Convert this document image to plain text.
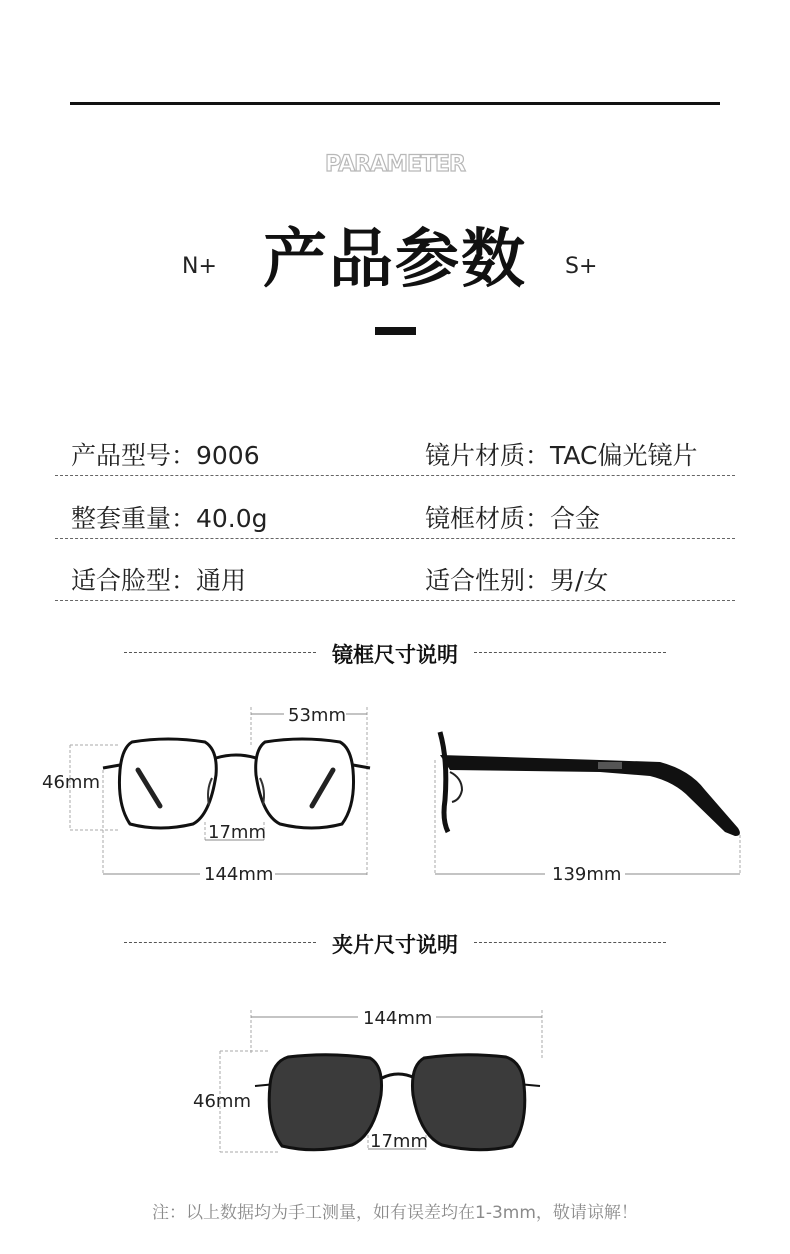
PARAMETER
产品参数
N+	S+
产品型号：9006	镜片材质：TAC偏光镜片
整套重量：40.0g	镜框材质：合金
适合脸型：通用	适合性别：男/女
镜框尺寸说明
夹片尺寸说明
53mm
46mm
17mm
144mm	139mm
144mm
46mm
17mm
注：以上数据均为手工测量，如有误差均在1-3mm，敬请谅解！
